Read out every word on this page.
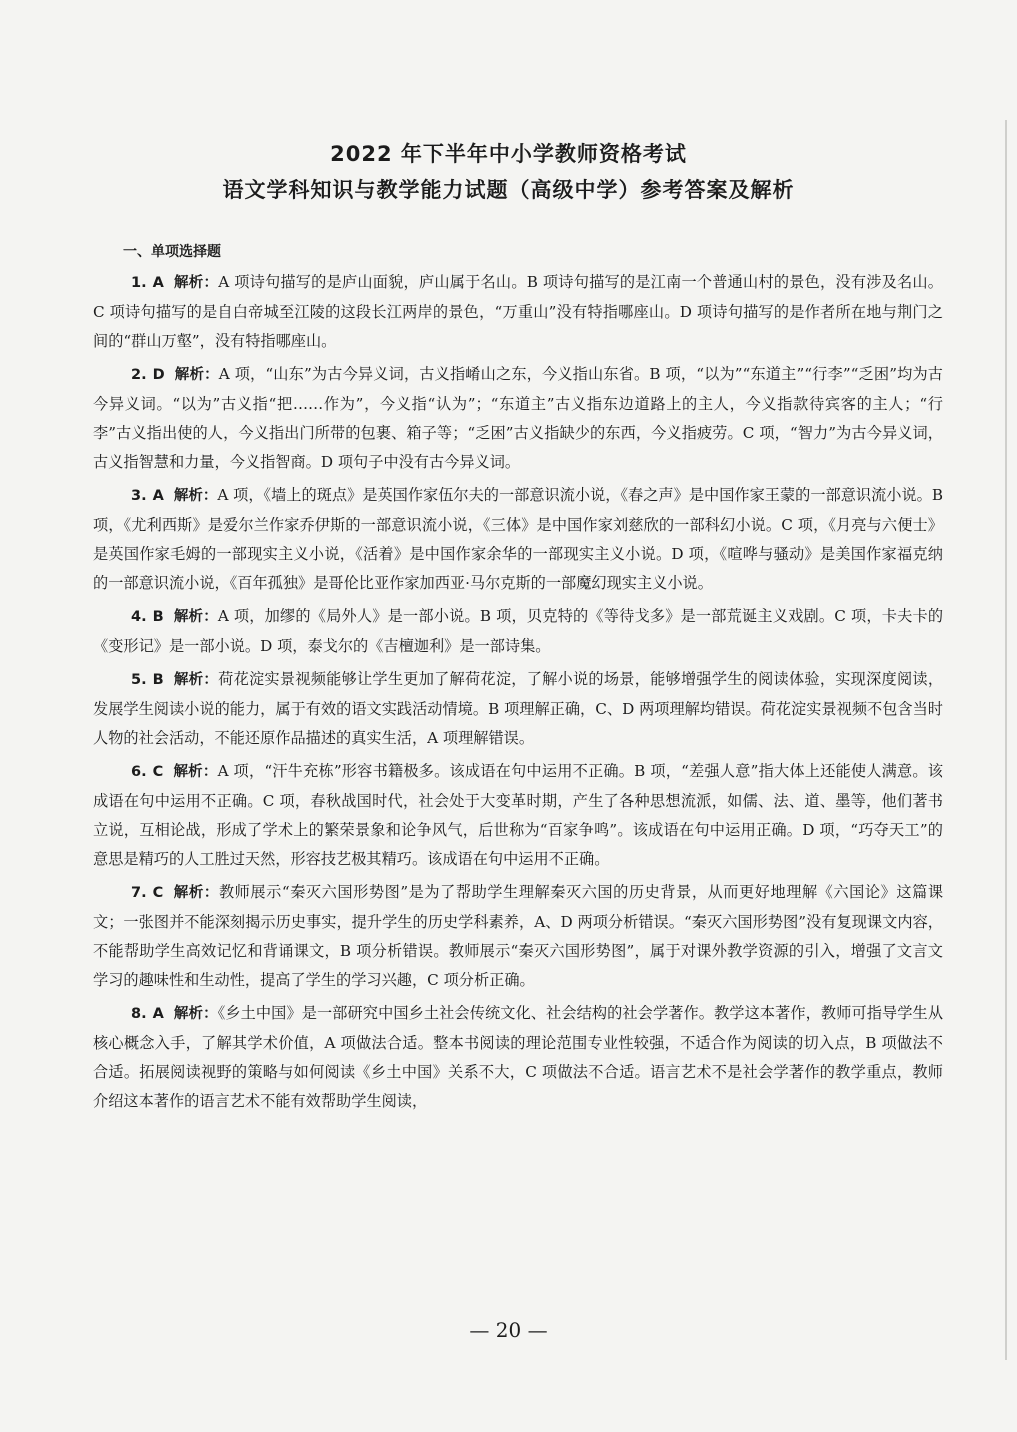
2022 年下半年中小学教师资格考试
语文学科知识与教学能力试题（高级中学）参考答案及解析
一、单项选择题

1. A 解析：A 项诗句描写的是庐山面貌，庐山属于名山。B 项诗句描写的是江南一个普通山村的景色，没有涉及名山。C 项诗句描写的是自白帝城至江陵的这段长江两岸的景色，“万重山”没有特指哪座山。D 项诗句描写的是作者所在地与荆门之间的“群山万壑”，没有特指哪座山。

2. D 解析：A 项，“山东”为古今异义词，古义指崤山之东，今义指山东省。B 项，“以为”“东道主”“行李”“乏困”均为古今异义词。“以为”古义指“把……作为”，今义指“认为”；“东道主”古义指东边道路上的主人，今义指款待宾客的主人；“行李”古义指出使的人，今义指出门所带的包裹、箱子等；“乏困”古义指缺少的东西，今义指疲劳。C 项，“智力”为古今异义词，古义指智慧和力量，今义指智商。D 项句子中没有古今异义词。

3. A 解析：A 项，《墙上的斑点》是英国作家伍尔夫的一部意识流小说，《春之声》是中国作家王蒙的一部意识流小说。B 项，《尤利西斯》是爱尔兰作家乔伊斯的一部意识流小说，《三体》是中国作家刘慈欣的一部科幻小说。C 项，《月亮与六便士》是英国作家毛姆的一部现实主义小说，《活着》是中国作家余华的一部现实主义小说。D 项，《喧哗与骚动》是美国作家福克纳的一部意识流小说，《百年孤独》是哥伦比亚作家加西亚·马尔克斯的一部魔幻现实主义小说。

4. B 解析：A 项，加缪的《局外人》是一部小说。B 项，贝克特的《等待戈多》是一部荒诞主义戏剧。C 项，卡夫卡的《变形记》是一部小说。D 项，泰戈尔的《吉檀迦利》是一部诗集。

5. B 解析：荷花淀实景视频能够让学生更加了解荷花淀，了解小说的场景，能够增强学生的阅读体验，实现深度阅读，发展学生阅读小说的能力，属于有效的语文实践活动情境。B 项理解正确，C、D 两项理解均错误。荷花淀实景视频不包含当时人物的社会活动，不能还原作品描述的真实生活，A 项理解错误。

6. C 解析：A 项，“汗牛充栋”形容书籍极多。该成语在句中运用不正确。B 项，“差强人意”指大体上还能使人满意。该成语在句中运用不正确。C 项，春秋战国时代，社会处于大变革时期，产生了各种思想流派，如儒、法、道、墨等，他们著书立说，互相论战，形成了学术上的繁荣景象和论争风气，后世称为“百家争鸣”。该成语在句中运用正确。D 项，“巧夺天工”的意思是精巧的人工胜过天然，形容技艺极其精巧。该成语在句中运用不正确。

7. C 解析：教师展示“秦灭六国形势图”是为了帮助学生理解秦灭六国的历史背景，从而更好地理解《六国论》这篇课文；一张图并不能深刻揭示历史事实，提升学生的历史学科素养，A、D 两项分析错误。“秦灭六国形势图”没有复现课文内容，不能帮助学生高效记忆和背诵课文，B 项分析错误。教师展示“秦灭六国形势图”，属于对课外教学资源的引入，增强了文言文学习的趣味性和生动性，提高了学生的学习兴趣，C 项分析正确。

8. A 解析：《乡土中国》是一部研究中国乡土社会传统文化、社会结构的社会学著作。教学这本著作，教师可指导学生从核心概念入手，了解其学术价值，A 项做法合适。整本书阅读的理论范围专业性较强，不适合作为阅读的切入点，B 项做法不合适。拓展阅读视野的策略与如何阅读《乡土中国》关系不大，C 项做法不合适。语言艺术不是社会学著作的教学重点，教师介绍这本著作的语言艺术不能有效帮助学生阅读，

— 20 —
